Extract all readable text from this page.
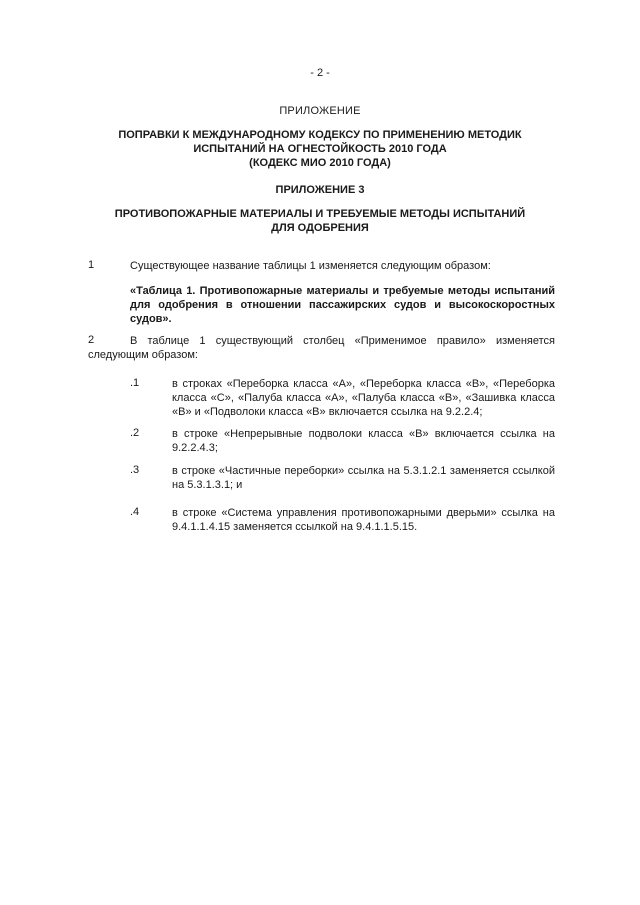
- 2 -
ПРИЛОЖЕНИЕ
ПОПРАВКИ К МЕЖДУНАРОДНОМУ КОДЕКСУ ПО ПРИМЕНЕНИЮ МЕТОДИК
ИСПЫТАНИЙ НА ОГНЕСТОЙКОСТЬ 2010 ГОДА
(КОДЕКС МИО 2010 ГОДА)
ПРИЛОЖЕНИЕ 3
ПРОТИВОПОЖАРНЫЕ МАТЕРИАЛЫ И ТРЕБУЕМЫЕ МЕТОДЫ ИСПЫТАНИЙ
ДЛЯ ОДОБРЕНИЯ
1	Существующее название таблицы 1 изменяется следующим образом:
«Таблица 1. Противопожарные материалы и требуемые методы испытаний для одобрения в отношении пассажирских судов и высокоскоростных судов».
2	В таблице 1 существующий столбец «Применимое правило» изменяется следующим образом:
.1	в строках «Переборка класса «A», «Переборка класса «B», «Переборка класса «C», «Палуба класса «A», «Палуба класса «B», «Зашивка класса «B» и «Подволоки класса «B» включается ссылка на 9.2.2.4;
.2	в строке «Непрерывные подволоки класса «B» включается ссылка на 9.2.2.4.3;
.3	в строке «Частичные переборки» ссылка на 5.3.1.2.1 заменяется ссылкой на 5.3.1.3.1; и
.4	в строке «Система управления противопожарными дверьми» ссылка на 9.4.1.1.4.15 заменяется ссылкой на 9.4.1.1.5.15.
